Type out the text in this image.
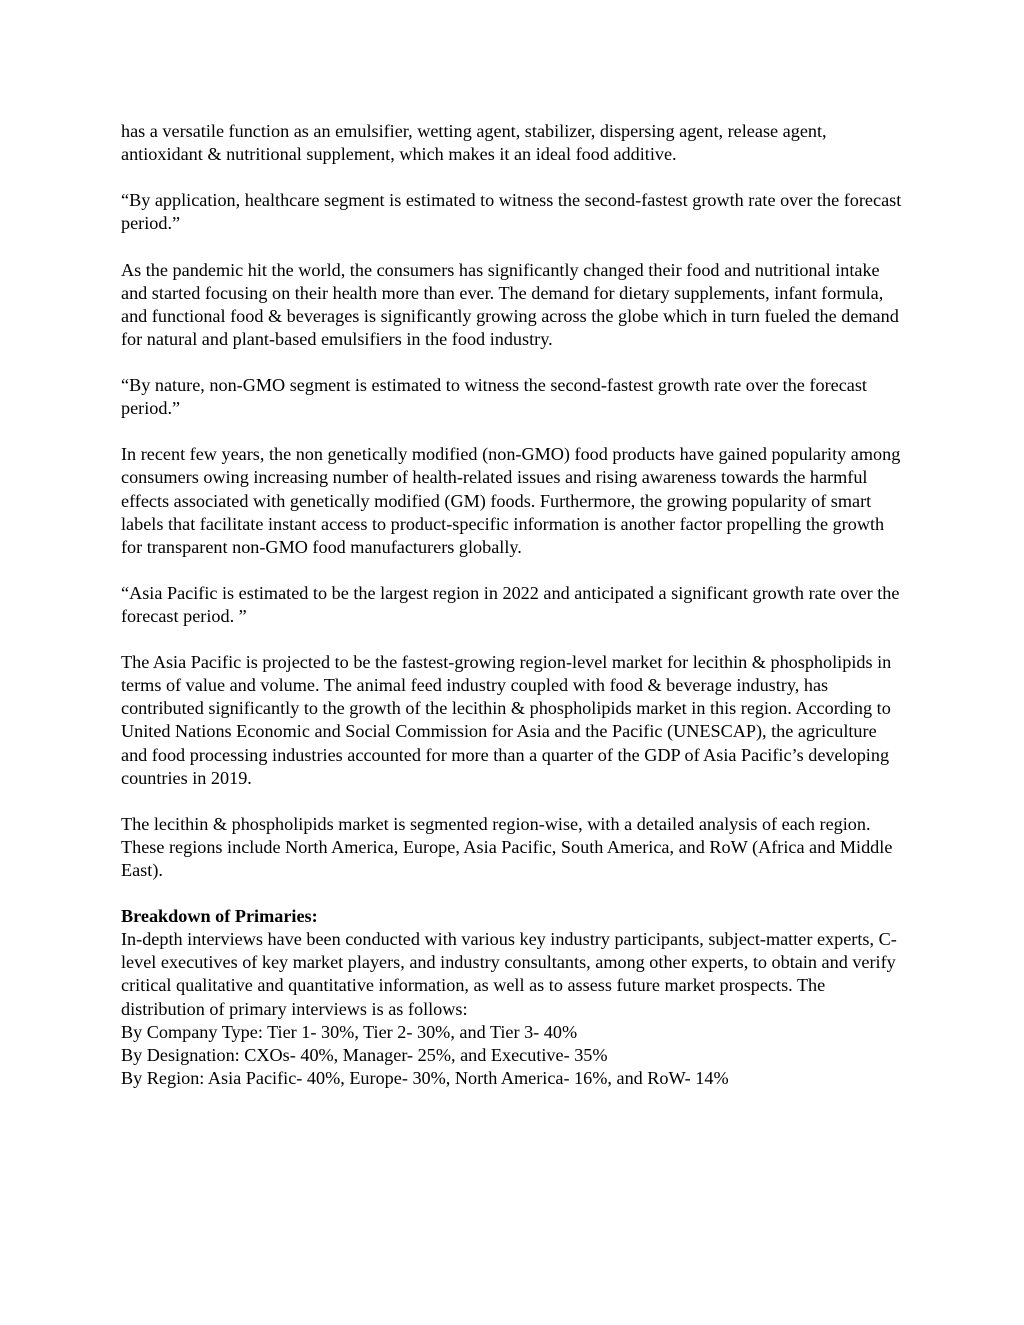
has a versatile function as an emulsifier, wetting agent, stabilizer, dispersing agent, release agent, antioxidant & nutritional supplement, which makes it an ideal food additive.

“By application, healthcare segment is estimated to witness the second-fastest growth rate over the forecast period.”

As the pandemic hit the world, the consumers has significantly changed their food and nutritional intake and started focusing on their health more than ever. The demand for dietary supplements, infant formula, and functional food & beverages is significantly growing across the globe which in turn fueled the demand for natural and plant-based emulsifiers in the food industry.

“By nature, non-GMO segment is estimated to witness the second-fastest growth rate over the forecast period.”

In recent few years, the non genetically modified (non-GMO) food products have gained popularity among consumers owing increasing number of health-related issues and rising awareness towards the harmful effects associated with genetically modified (GM) foods. Furthermore, the growing popularity of smart labels that facilitate instant access to product-specific information is another factor propelling the growth for transparent non-GMO food manufacturers globally.

“Asia Pacific is estimated to be the largest region in 2022 and anticipated a significant growth rate over the forecast period. ”

The Asia Pacific is projected to be the fastest-growing region-level market for lecithin & phospholipids in terms of value and volume. The animal feed industry coupled with food & beverage industry, has contributed significantly to the growth of the lecithin & phospholipids market in this region. According to United Nations Economic and Social Commission for Asia and the Pacific (UNESCAP), the agriculture and food processing industries accounted for more than a quarter of the GDP of Asia Pacific’s developing countries in 2019.

The lecithin & phospholipids market is segmented region-wise, with a detailed analysis of each region. These regions include North America, Europe, Asia Pacific, South America, and RoW (Africa and Middle East).

Breakdown of Primaries:

In-depth interviews have been conducted with various key industry participants, subject-matter experts, C-level executives of key market players, and industry consultants, among other experts, to obtain and verify critical qualitative and quantitative information, as well as to assess future market prospects. The distribution of primary interviews is as follows:

By Company Type: Tier 1- 30%, Tier 2- 30%, and Tier 3- 40%

By Designation: CXOs- 40%, Manager- 25%, and Executive- 35%

By Region: Asia Pacific- 40%, Europe- 30%, North America- 16%, and RoW- 14%
